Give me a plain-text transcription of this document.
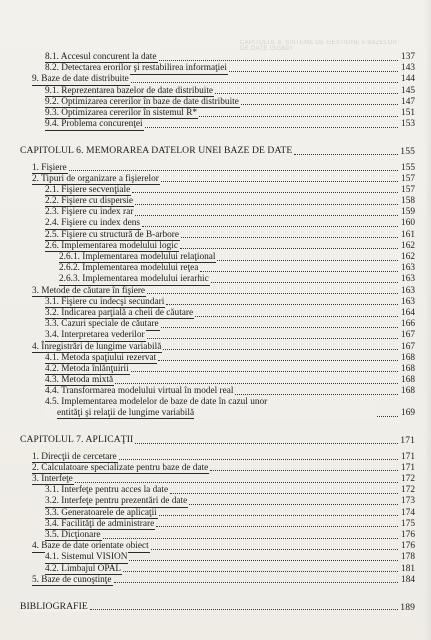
CAPITOLUL 8. SISTEME DE GESTIUNE A BAZELOR DE DATE (SGBD)
8.1. Accesul concurent la date	137
8.2. Detectarea erorilor şi restabilirea informaţiei	143
9. Baze de date distribuite	144
9.1. Reprezentarea bazelor de date distribuite	145
9.2. Optimizarea cererilor în baze de date distribuite	147
9.3. Optimizarea cererilor în sistemul R*	151
9.4. Problema concurenţei	153
CAPITOLUL 6. MEMORAREA DATELOR UNEI BAZE DE DATE	155
1. Fişiere	155
2. Tipuri de organizare a fişierelor	157
2.1. Fişiere secvenţiale	157
2.2. Fişiere cu dispersie	158
2.3. Fişiere cu index rar	159
2.4. Fişiere cu index dens	160
2.5. Fişiere cu structură de B-arbore	161
2.6. Implementarea modelului logic	162
2.6.1. Implementarea modelului relaţional	162
2.6.2. Implementarea modelului reţea	163
2.6.3. Implementarea modelului ierarhic	163
3. Metode de căutare în fişiere	163
3.1. Fişiere cu indecşi secundari	163
3.2. Indicarea parţială a cheii de căutare	164
3.3. Cazuri speciale de căutare	166
3.4. Interpretarea vederilor	167
4. Înregistrări de lungime variabilă	167
4.1. Metoda spaţiului rezervat	168
4.2. Metoda înlănţuirii	168
4.3. Metoda mixtă	168
4.4. Transformarea modelului virtual în model real	168
4.5. Implementarea modelelor de baze de date în cazul unor
entităţi şi relaţii de lungime variabilă	169
CAPITOLUL 7. APLICAŢII	171
1. Direcţii de cercetare	171
2. Calculatoare specializate pentru baze de date	171
3. Interfeţe	172
3.1. Interfeţe pentru acces la date	172
3.2. Interfeţe pentru prezentări de date	173
3.3. Generatoarele de aplicaţii	174
3.4. Facilităţi de administrare	175
3.5. Dicţionare	176
4. Baze de date orientate obiect	176
4.1. Sistemul VISION	178
4.2. Limbajul OPAL	181
5. Baze de cunoştinţe	184
BIBLIOGRAFIE	189
